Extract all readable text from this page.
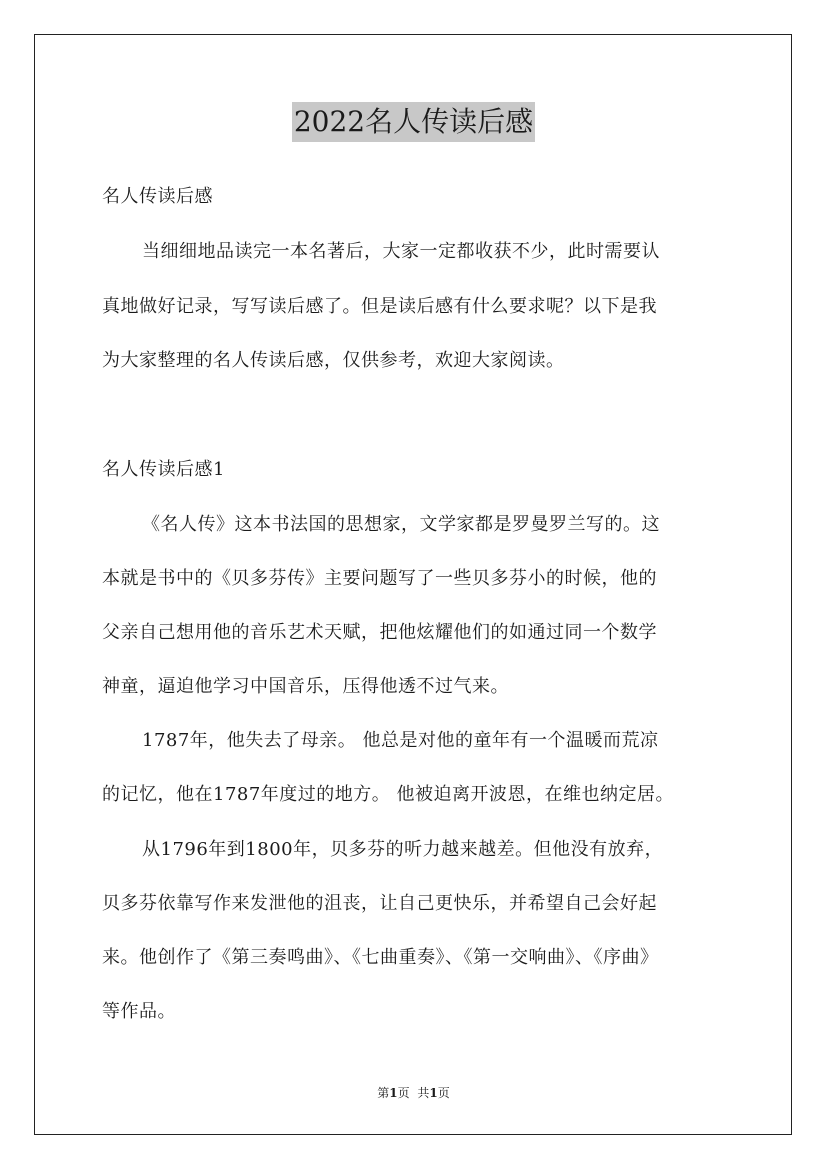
2022名人传读后感
名人传读后感
当细细地品读完一本名著后，大家一定都收获不少，此时需要认
真地做好记录，写写读后感了。但是读后感有什么要求呢？以下是我
为大家整理的名人传读后感，仅供参考，欢迎大家阅读。
名人传读后感1
《名人传》这本书法国的思想家，文学家都是罗曼罗兰写的。这
本就是书中的《贝多芬传》主要问题写了一些贝多芬小的时候，他的
父亲自己想用他的音乐艺术天赋，把他炫耀他们的如通过同一个数学
神童，逼迫他学习中国音乐，压得他透不过气来。
1787年，他失去了母亲。 他总是对他的童年有一个温暖而荒凉
的记忆，他在1787年度过的地方。 他被迫离开波恩，在维也纳定居。
从1796年到1800年，贝多芬的听力越来越差。但他没有放弃，
贝多芬依靠写作来发泄他的沮丧，让自己更快乐，并希望自己会好起
来。他创作了《第三奏鸣曲》、《七曲重奏》、《第一交响曲》、《序曲》
等作品。
第1页 共1页
